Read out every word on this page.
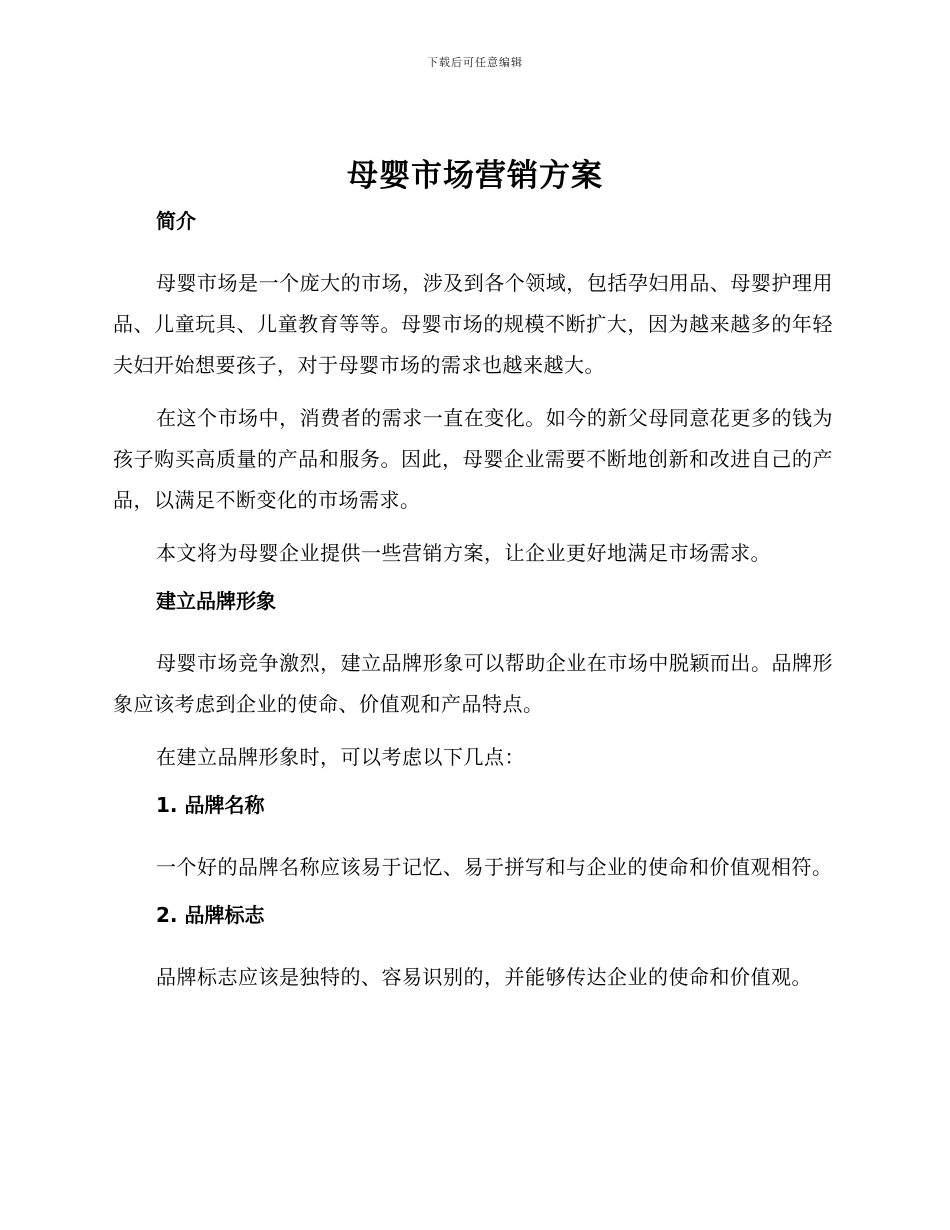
下载后可任意编辑
母婴市场营销方案

简介

母婴市场是一个庞大的市场，涉及到各个领域，包括孕妇用品、母婴护理用品、儿童玩具、儿童教育等等。母婴市场的规模不断扩大，因为越来越多的年轻夫妇开始想要孩子，对于母婴市场的需求也越来越大。

在这个市场中，消费者的需求一直在变化。如今的新父母同意花更多的钱为孩子购买高质量的产品和服务。因此，母婴企业需要不断地创新和改进自己的产品，以满足不断变化的市场需求。

本文将为母婴企业提供一些营销方案，让企业更好地满足市场需求。

建立品牌形象

母婴市场竞争激烈，建立品牌形象可以帮助企业在市场中脱颖而出。品牌形象应该考虑到企业的使命、价值观和产品特点。

在建立品牌形象时，可以考虑以下几点：

1. 品牌名称

一个好的品牌名称应该易于记忆、易于拼写和与企业的使命和价值观相符。

2. 品牌标志

品牌标志应该是独特的、容易识别的，并能够传达企业的使命和价值观。
